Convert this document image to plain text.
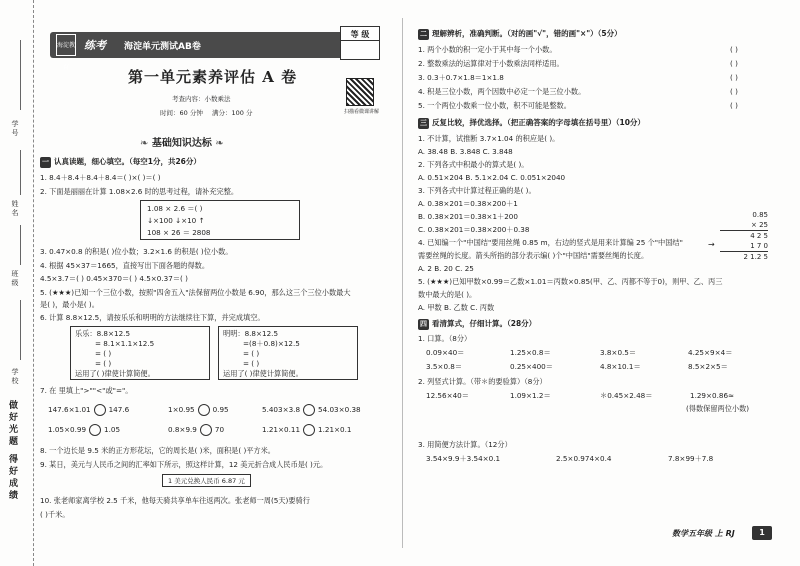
学号
姓名
班级
学校
做好光题 得好成绩
海淀教育
练考 海淀单元测试AB卷
等 级
第一单元素养评估 A 卷
考查内容：小数乘法
时间：60 分钟 满分：100 分	扫描看微课讲解
❧ 基础知识达标 ❧
一 认真读题，细心填空。（每空1分，共26分）
1. 8.4＋8.4＋8.4＋8.4＝( )×( )＝( )
2. 下面是丽丽在计算 1.08×2.6 时的思考过程，请补充完整。
1.08 × 2.6 ＝( )
↓×100 ↓×10 ↑
108 × 26 ＝ 2808
3. 0.47×0.8 的积是( )位小数；3.2×1.6 的积是( )位小数。
4. 根据 45×37＝1665，直接写出下面各题的得数。
4.5×3.7＝( ) 0.45×370＝( ) 4.5×0.37＝( )
5. (★★★)已知一个三位小数，按照"四舍五入"法保留两位小数是 6.90，那么这三个三位小数最大
是( )，最小是( )。
6. 计算 8.8×12.5，请按乐乐和明明的方法继续往下算，并完成填空。
乐乐：8.8×12.5
= 8.1×1.1×12.5
= ( )
= ( )
运用了( )律使计算简便。
明明：8.8×12.5
=(8＋0.8)×12.5
= ( )
= ( )
运用了( )律使计算简便。
7. 在 里填上">""<"或"="。
147.6×1.01	147.6	1×0.95	0.95	5.403×3.8	54.03×0.38
1.05×0.99	1.05	0.8×9.9	70	1.21×0.11	1.21×0.1
8. 一个边长是 9.5 米的正方形花坛，它的周长是( )米，面积是( )平方米。
9. 某日，美元与人民币之间的汇率如下所示，照这样计算，12 美元折合成人民币是( )元。
1 美元兑换人民币 6.87 元
10. 张老师家离学校 2.5 千米，他每天骑共享单车往返两次。张老师一周(5天)要骑行
( )千米。
二 理解辨析，准确判断。（对的画"√"，错的画"×"）（5分）
1. 两个小数的积一定小于其中每一个小数。	( )
2. 整数乘法的运算律对于小数乘法同样适用。	( )
3. 0.3＋0.7×1.8＝1×1.8	( )
4. 积是三位小数，两个因数中必定一个是三位小数。	( )
5. 一个两位小数乘一位小数，积不可能是整数。	( )
三 反复比较，择优选择。（把正确答案的字母填在括号里）（10分）
1. 不计算，试推断 3.7×1.04 的积应是( )。
A. 38.48 B. 3.848 C. 3.848
2. 下列各式中积最小的算式是( )。
A. 0.51×204 B. 5.1×2.04 C. 0.051×2040
3. 下列各式中计算过程正确的是( )。
A. 0.38×201＝0.38×200＋1
B. 0.38×201＝0.38×1＋200
C. 0.38×201＝0.38×200＋0.38
4. 已知编一个"中国结"要用丝绳 0.85 m，右边的竖式是用来计算编 25 个"中国结"
需要丝绳的长度。箭头所指的部分表示编( )个"中国结"需要丝绳的长度。
A. 2 B. 20 C. 25
5. (★★★)已知甲数×0.99＝乙数×1.01＝丙数×0.85(甲、乙、丙都不等于0)，则甲、乙、丙三
数中最大的是( )。
A. 甲数 B. 乙数 C. 丙数
0.85
× 25
4 2 5
1 7 0
2 1.2 5
→
四 看清算式，仔细计算。（28分）
1. 口算。（8分）
0.09×40＝	1.25×0.8＝	3.8×0.5＝	4.25×9×4＝
3.5×0.8＝	0.25×400＝	4.8×10.1＝	8.5×2×5＝
2. 列竖式计算。（带＊的要验算）（8分）
12.56×40＝	1.09×1.2＝	＊0.45×2.48＝	1.29×0.86≈
(得数保留两位小数)
3. 用简便方法计算。（12分）
3.54×9.9＋3.54×0.1	2.5×0.974×0.4	7.8×99＋7.8
数学五年级 上 RJ	1
